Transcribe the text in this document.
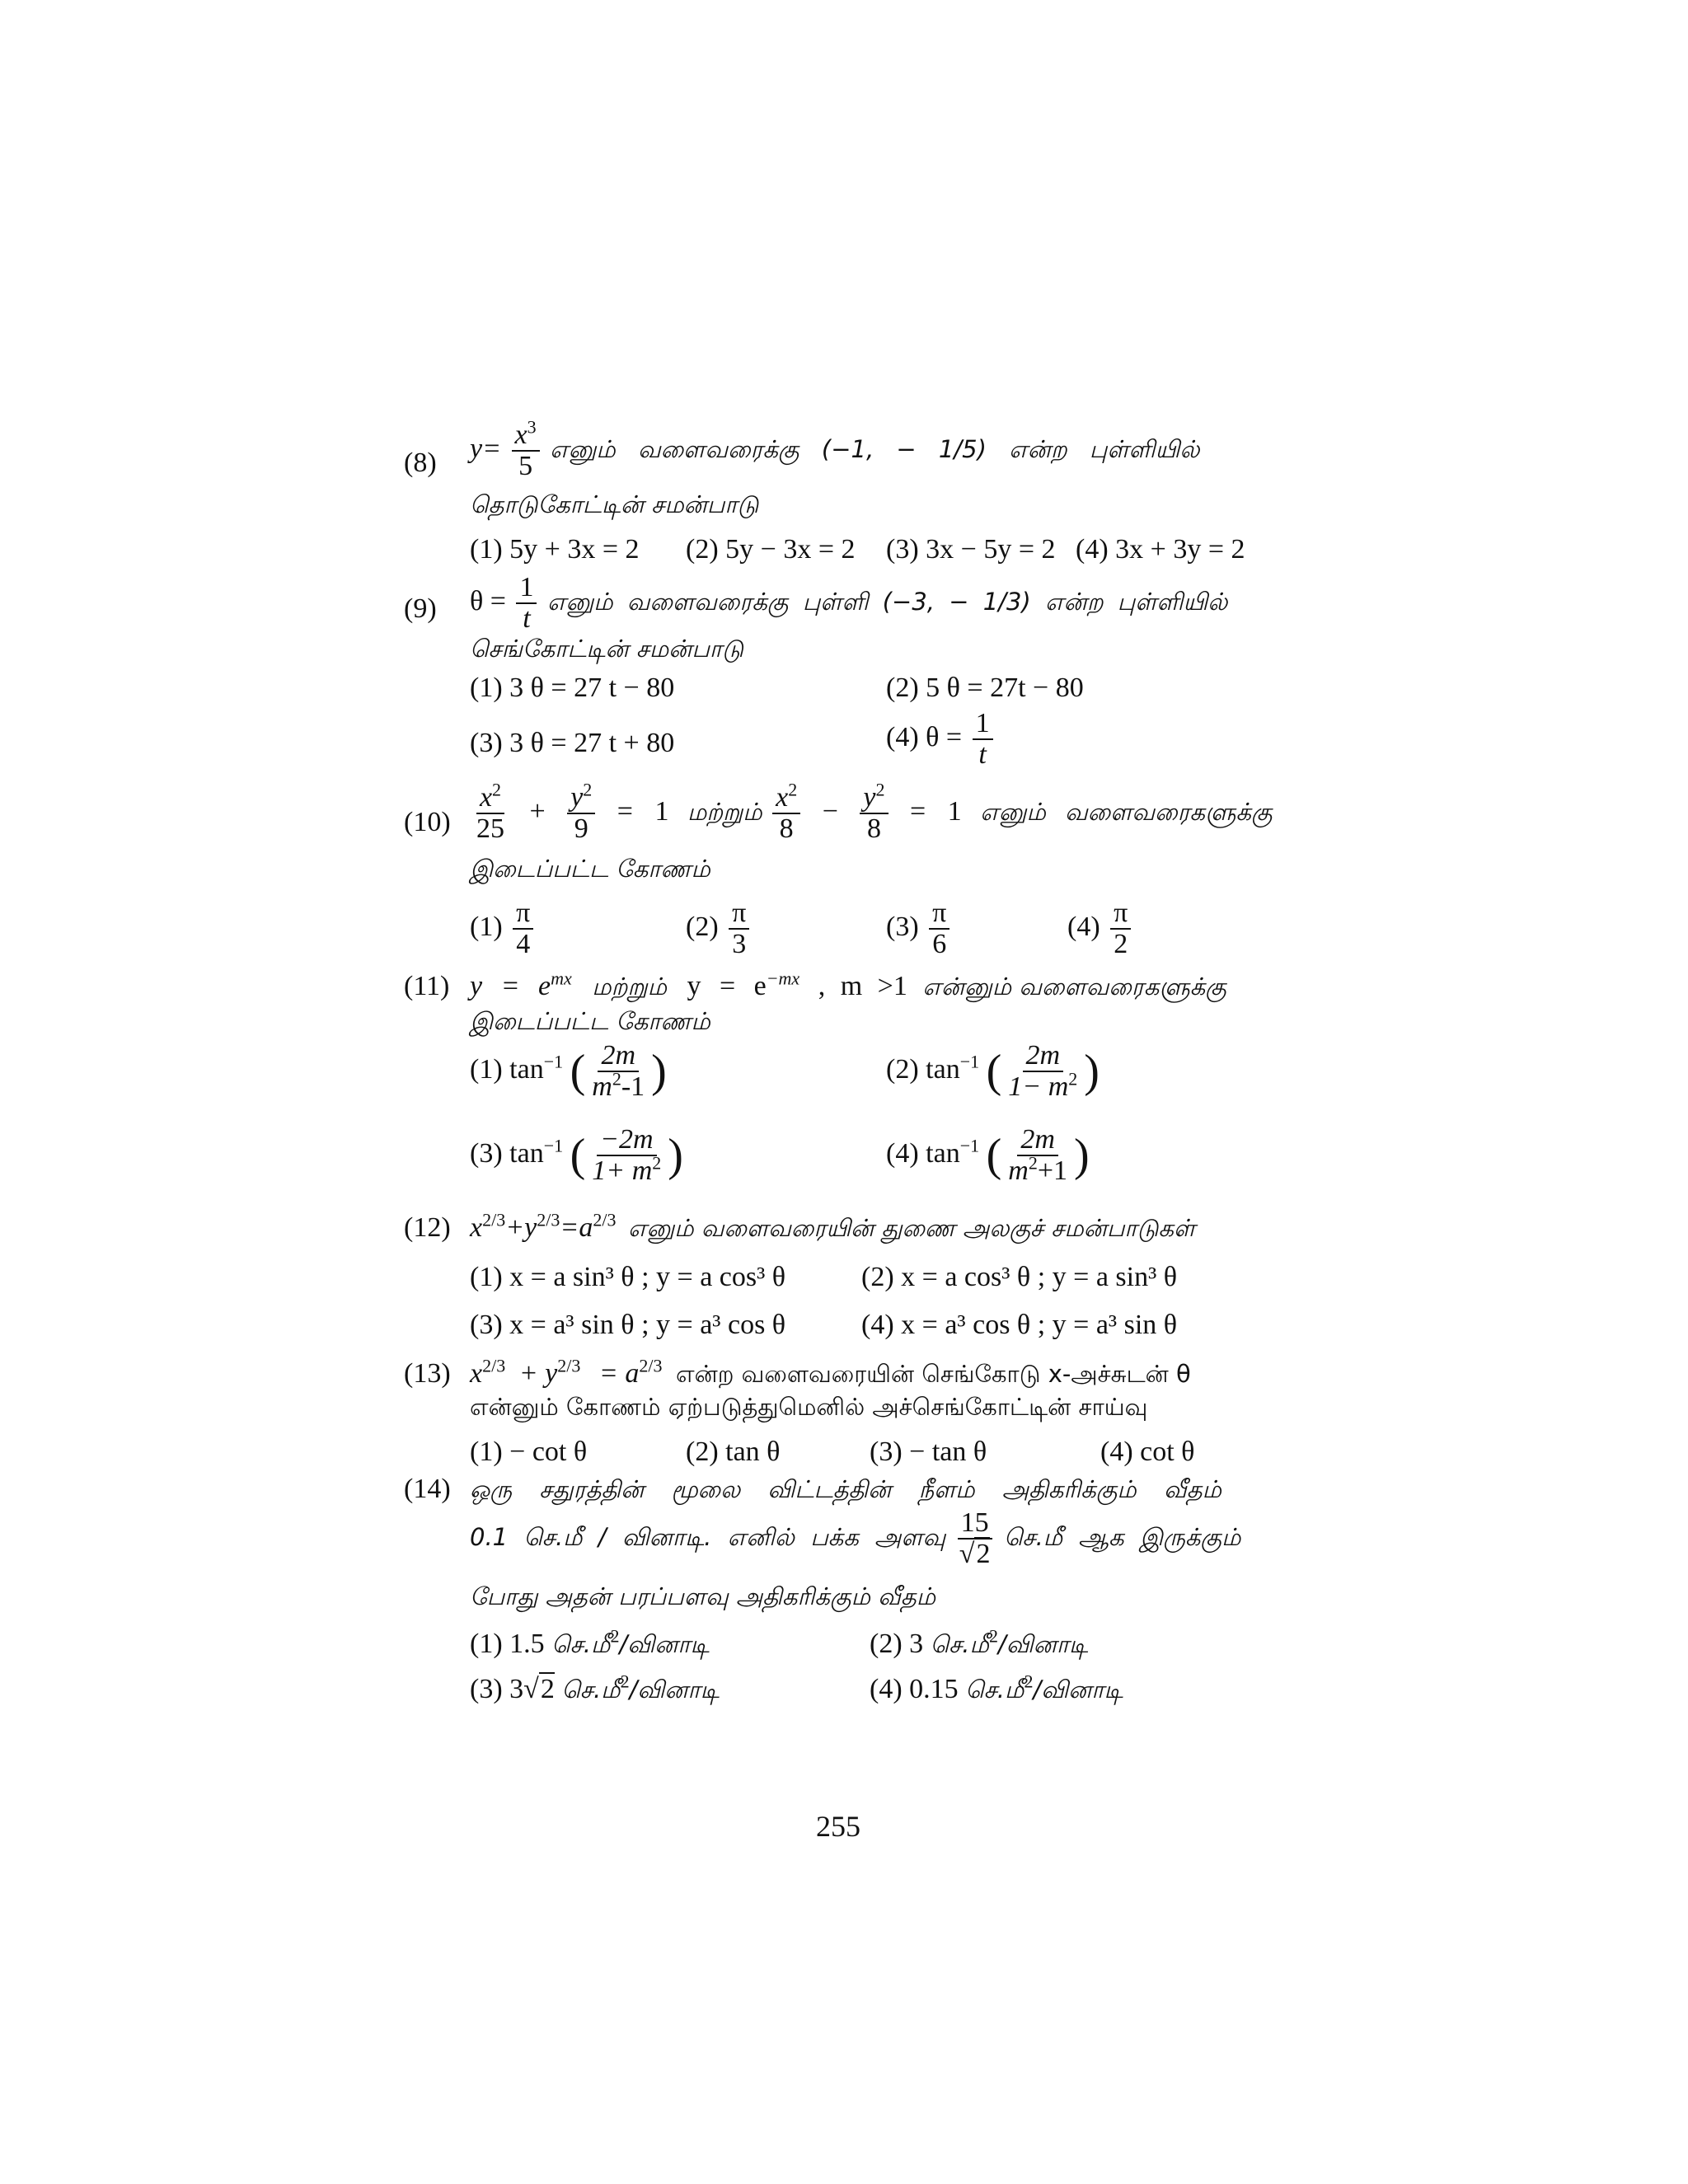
(8)	$y= \frac{x^3}{5}$ எனும் வளைவரைக்கு (−1, − 1/5) என்ற புள்ளியில்
தொடுகோட்டின் சமன்பாடு
(1) 5y + 3x = 2 (2) 5y − 3x = 2 (3) 3x − 5y = 2 (4) 3x + 3y = 2
(9)	$\theta = \frac{1}{t}$ எனும் வளைவரைக்கு புள்ளி (−3, − 1/3) என்ற புள்ளியில்
செங்கோட்டின் சமன்பாடு
(1) 3 θ = 27 t − 80	(2) 5 θ = 27t − 80
(3) 3 θ = 27 t + 80	(4) $\theta = \frac{1}{t}$
$(10) \frac{x^2}{25} + \frac{y^2}{9} = 1$ மற்றும் $\frac{x^2}{8} - \frac{y^2}{8} = 1$ எனும் வளைவரைகளுக்கு
இடைப்பட்ட கோணம்
$(1) \frac{\pi}{4}$	$(2) \frac{\pi}{3}$	$(3) \frac{\pi}{6}$	$(4) \frac{\pi}{2}$
(11) $y = e^{mx}$ மற்றும் $y = e^{-mx}$ , m >1 என்னும் வளைவரைகளுக்கு
இடைப்பட்ட கோணம்
(1) $\tan^{-1}$ ( $\frac{2m}{m^2-1}$ )	(2) $\tan^{-1}$ ( $\frac{2m}{1- m^2}$ )
(3) $\tan^{-1}$ ( $\frac{-2m}{1+ m^2}$ )	(4) $\tan^{-1}$ ( $\frac{2m}{m^2+1}$ )
(12) $x^{2/3}+y^{2/3}=a^{2/3}$ எனும் வளைவரையின் துணை அலகுச் சமன்பாடுகள்
(1) x = a sin³ θ ; y = a cos³ θ	(2) x = a cos³ θ ; y = a sin³ θ
(3) x = a³ sin θ ; y = a³ cos θ	(4) x = a³ cos θ ; y = a³ sin θ
(13) $x^{2/3} + y^{2/3} = a^{2/3}$ என்ற வளைவரையின் செங்கோடு x-அச்சுடன் θ
என்னும் கோணம் ஏற்படுத்துமெனில் அச்செங்கோட்டின் சாய்வு
(1) − cot θ	(2) tan θ	(3) − tan θ	(4) cot θ
(14) ஒரு சதுரத்தின் மூலை விட்டத்தின் நீளம் அதிகரிக்கும் வீதம்
0.1 செ.மீ / வினாடி. எனில் பக்க அளவு $\frac{15}{√2}$ செ.மீ ஆக இருக்கும்
போது அதன் பரப்பளவு அதிகரிக்கும் வீதம்
(1) 1.5 செ.மீ$^2$/வினாடி	(2) 3 செ.மீ$^2$/வினாடி
(3) 3√2 செ.மீ$^2$/வினாடி	(4) 0.15 செ.மீ$^2$/வினாடி
255
